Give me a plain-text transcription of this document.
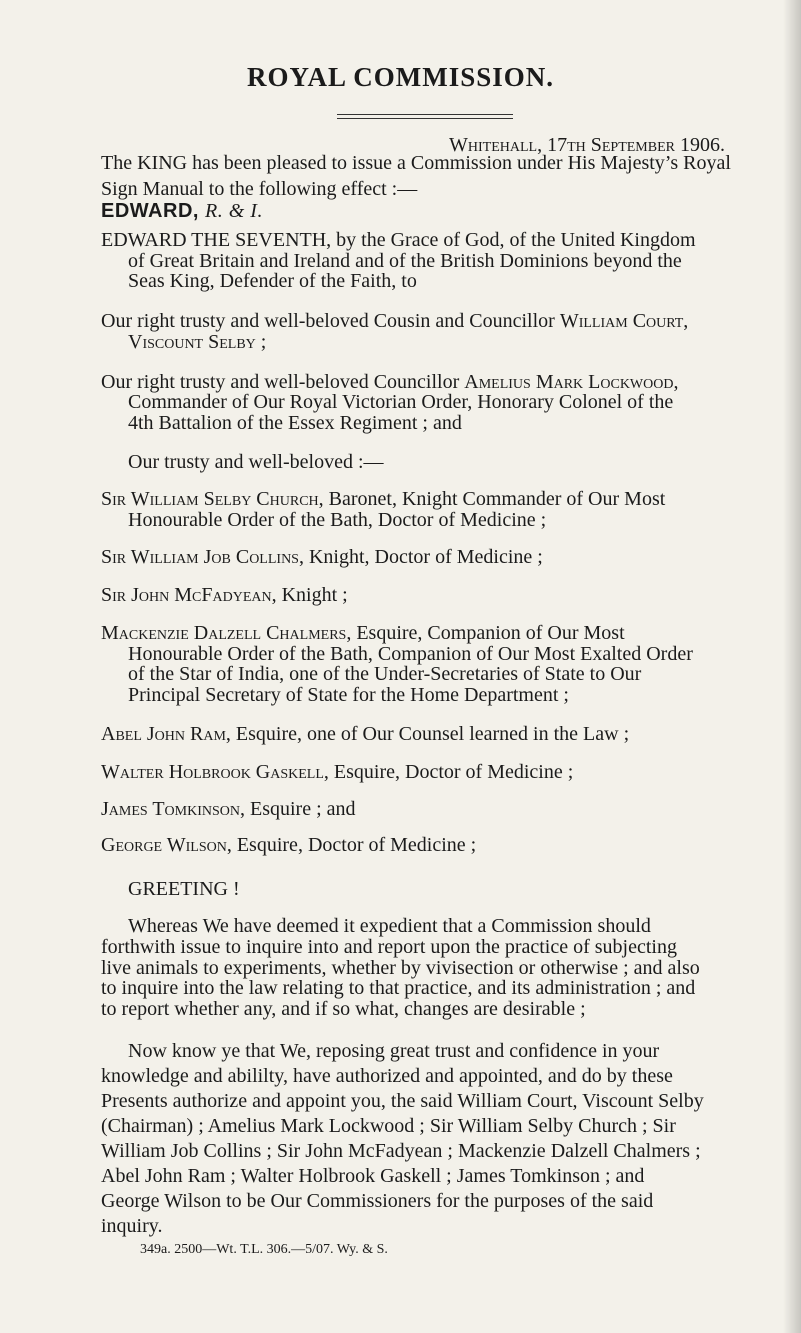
ROYAL COMMISSION.
Whitehall, 17th September 1906.
The KING has been pleased to issue a Commission under His Majesty’s Royal Sign Manual to the following effect :—
EDWARD, R. & I.
EDWARD THE SEVENTH, by the Grace of God, of the United Kingdom
of Great Britain and Ireland and of the British Dominions beyond the
Seas King, Defender of the Faith, to
Our right trusty and well-beloved Cousin and Councillor William Court,
Viscount Selby ;
Our right trusty and well-beloved Councillor Amelius Mark Lockwood,
Commander of Our Royal Victorian Order, Honorary Colonel of the
4th Battalion of the Essex Regiment ; and
Our trusty and well-beloved :—
Sir William Selby Church, Baronet, Knight Commander of Our Most
Honourable Order of the Bath, Doctor of Medicine ;
Sir William Job Collins, Knight, Doctor of Medicine ;
Sir John McFadyean, Knight ;
Mackenzie Dalzell Chalmers, Esquire, Companion of Our Most
Honourable Order of the Bath, Companion of Our Most Exalted Order
of the Star of India, one of the Under-Secretaries of State to Our
Principal Secretary of State for the Home Department ;
Abel John Ram, Esquire, one of Our Counsel learned in the Law ;
Walter Holbrook Gaskell, Esquire, Doctor of Medicine ;
James Tomkinson, Esquire ; and
George Wilson, Esquire, Doctor of Medicine ;
GREETING !
Whereas We have deemed it expedient that a Commission should
forthwith issue to inquire into and report upon the practice of subjecting
live animals to experiments, whether by vivisection or otherwise ; and also
to inquire into the law relating to that practice, and its administration ; and
to report whether any, and if so what, changes are desirable ;
Now know ye that We, reposing great trust and confidence in your
knowledge and abililty, have authorized and appointed, and do by these
Presents authorize and appoint you, the said William Court, Viscount Selby
(Chairman) ; Amelius Mark Lockwood ; Sir William Selby Church ; Sir
William Job Collins ; Sir John McFadyean ; Mackenzie Dalzell Chalmers ;
Abel John Ram ; Walter Holbrook Gaskell ; James Tomkinson ; and
George Wilson to be Our Commissioners for the purposes of the said
inquiry.
349a. 2500—Wt. T.L. 306.—5/07. Wy. & S.
